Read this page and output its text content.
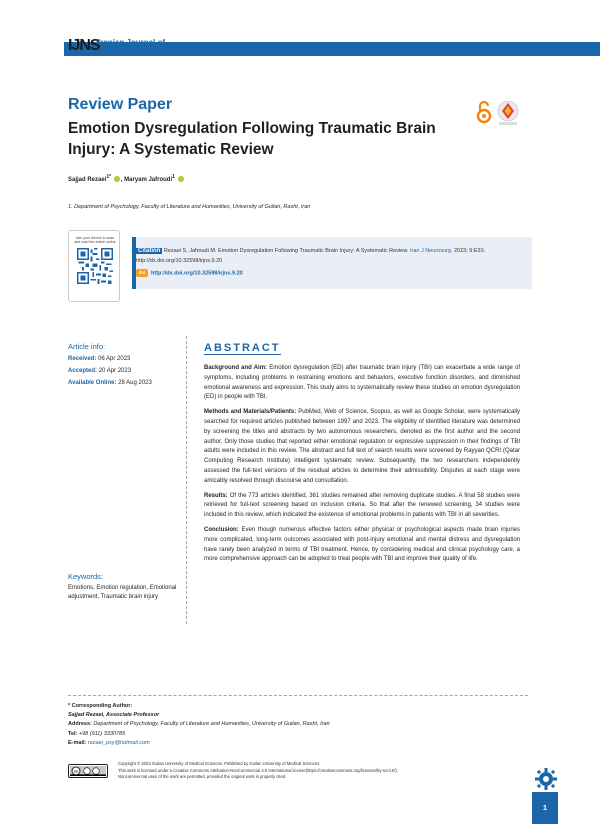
2023, Volume 9, No. 20
IJNS
Iranian Journal of
NEUROSURGERY
Review Paper
Emotion Dysregulation Following Traumatic Brain Injury: A Systematic Review
Sajjad Rezaei$^{1*}$ , Maryam Jafroudi$^1$
1. Department of Psychology, Faculty of Literature and Humanities, University of Guilan, Rasht, Iran
Use your device to scan and read the article online
Citation Rezaei S, Jafroudi M. Emotion Dysregulation Following Traumatic Brain Injury: A Systematic Review. Iran J Neurosurg. 2023; 9:E20. http://dx.doi.org/10.32598/irjns.9.20
doi http://dx.doi.org/10.32598/irjns.9.20
Article info:
Received: 06 Apr 2023
Accepted: 20 Apr 2023
Available Online: 28 Aug 2023
Keywords:
Emotions, Emotion regulation, Emotional adjustment, Traumatic brain injury
ABSTRACT

Background and Aim: Emotion dysregulation (ED) after traumatic brain injury (TBI) can exacerbate a wide range of symptoms, including problems in restraining emotions and behaviors, executive function disorders, and diminished emotional awareness and expression. This study aims to systematically review these studies on emotion dysregulation (ED) in people with TBI.

Methods and Materials/Patients: PubMed, Web of Science, Scopus, as well as Google Scholar, were systematically searched for required articles published between 1997 and 2023. The eligibility of identified literature was determined by screening the titles and abstracts by two autonomous researchers, denoted as the first author and the second author. Only those studies that reported either emotional regulation or expressive suppression in their findings of TBI adults were included in this review. The abstract and full text of search results were screened by Rayyan QCRI (Qatar Computing Research Institute) intelligent systematic review. Subsequently, the two researchers independently assessed the full-text versions of the residual articles to determine their admissibility. Disputes at each stage were amicably resolved through discourse and consultation.

Results: Of the 773 articles identified, 361 studies remained after removing duplicate studies. A final 58 studies were retrieved for full-text screening based on inclusion criteria. So that after the renewed screening, 34 studies were included in this review, which indicated the existence of emotional problems in patients with TBI in all severities.

Conclusion: Even though numerous effective factors either physical or psychological aspects made brain injuries more complicated, long-term outcomes associated with post-injury emotional and mental distress and dysregulation have rarely been analyzed in terms of TBI treatment. Hence, by considering medical and clinical psychology care, a more comprehensive approach can be adopted to treat people with TBI and improve their quality of life.

* Corresponding Author:
Sajjad Rezaei, Associate Professor
Address: Department of Psychology, Faculty of Literature and Humanities, University of Guilan, Rasht, Iran
Tel: +98 (911) 3330785
E-mail: rezaei_psy@hotmail.com
cc
Copyright © 2023 Guilan University of Medical Sciences. Published by Guilan University of Medical Sciences
This work is licensed under a Creative Commons Attribution-NonCommercial 4.0 International license(https://creativecommons.org/licenses/by-nc/4.0/).
Noncommercial uses of the work are permitted, provided the original work is properly cited.
1
